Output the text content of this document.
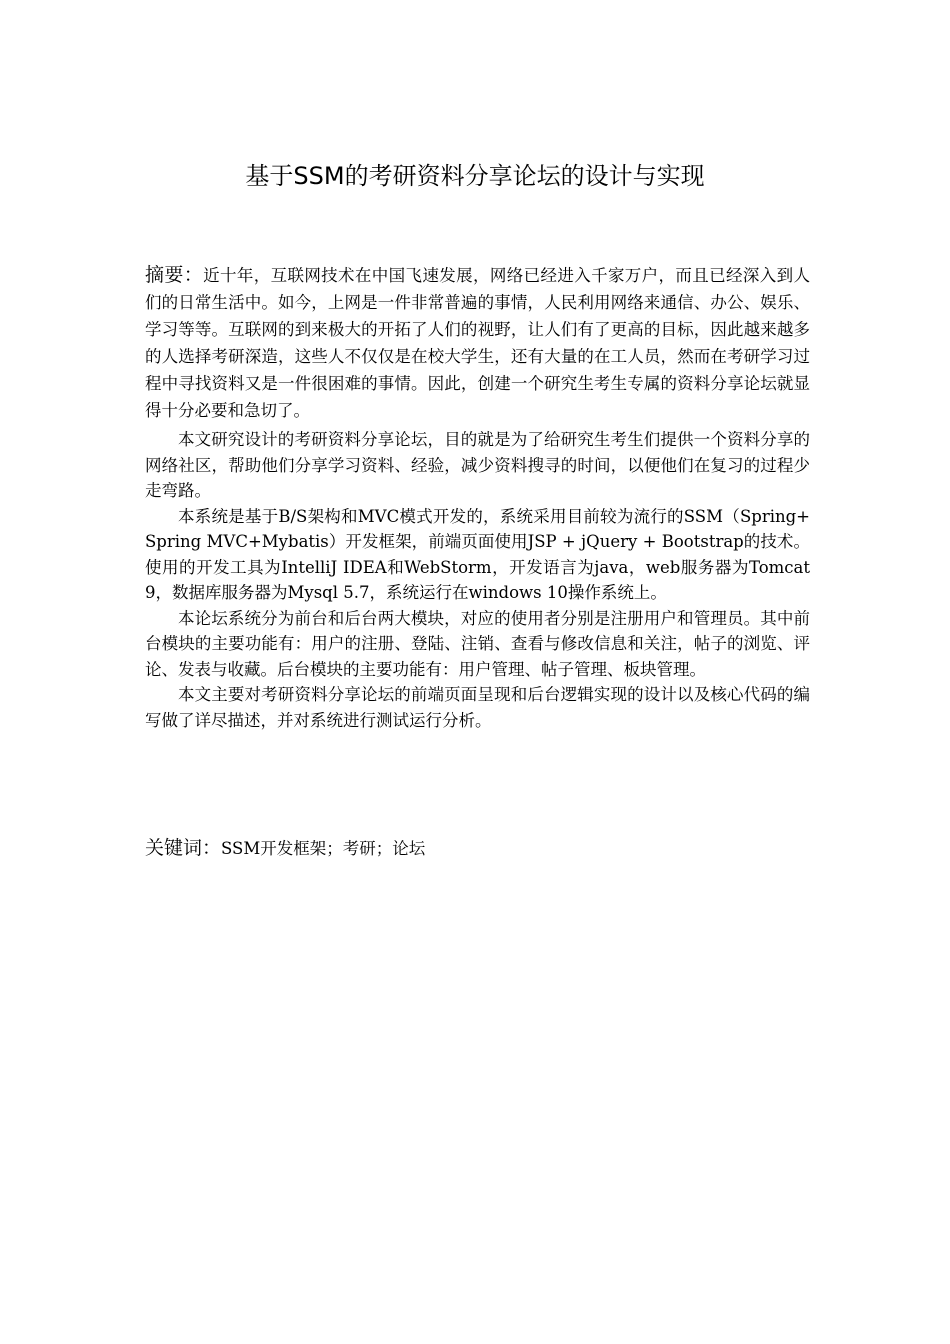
基于SSM的考研资料分享论坛的设计与实现

摘要：近十年，互联网技术在中国飞速发展，网络已经进入千家万户，而且已经深入到人们的日常生活中。如今，上网是一件非常普遍的事情，人民利用网络来通信、办公、娱乐、学习等等。互联网的到来极大的开拓了人们的视野，让人们有了更高的目标，因此越来越多的人选择考研深造，这些人不仅仅是在校大学生，还有大量的在工人员，然而在考研学习过程中寻找资料又是一件很困难的事情。因此，创建一个研究生考生专属的资料分享论坛就显得十分必要和急切了。

本文研究设计的考研资料分享论坛，目的就是为了给研究生考生们提供一个资料分享的网络社区，帮助他们分享学习资料、经验，减少资料搜寻的时间，以便他们在复习的过程少走弯路。

本系统是基于B/S架构和MVC模式开发的，系统采用目前较为流行的SSM（Spring+Spring MVC+Mybatis）开发框架，前端页面使用JSP + jQuery + Bootstrap的技术。使用的开发工具为IntelliJ IDEA和WebStorm，开发语言为java，web服务器为Tomcat 9，数据库服务器为Mysql 5.7，系统运行在windows 10操作系统上。

本论坛系统分为前台和后台两大模块，对应的使用者分别是注册用户和管理员。其中前台模块的主要功能有：用户的注册、登陆、注销、查看与修改信息和关注，帖子的浏览、评论、发表与收藏。后台模块的主要功能有：用户管理、帖子管理、板块管理。

本文主要对考研资料分享论坛的前端页面呈现和后台逻辑实现的设计以及核心代码的编写做了详尽描述，并对系统进行测试运行分析。

关键词：SSM开发框架；考研；论坛
